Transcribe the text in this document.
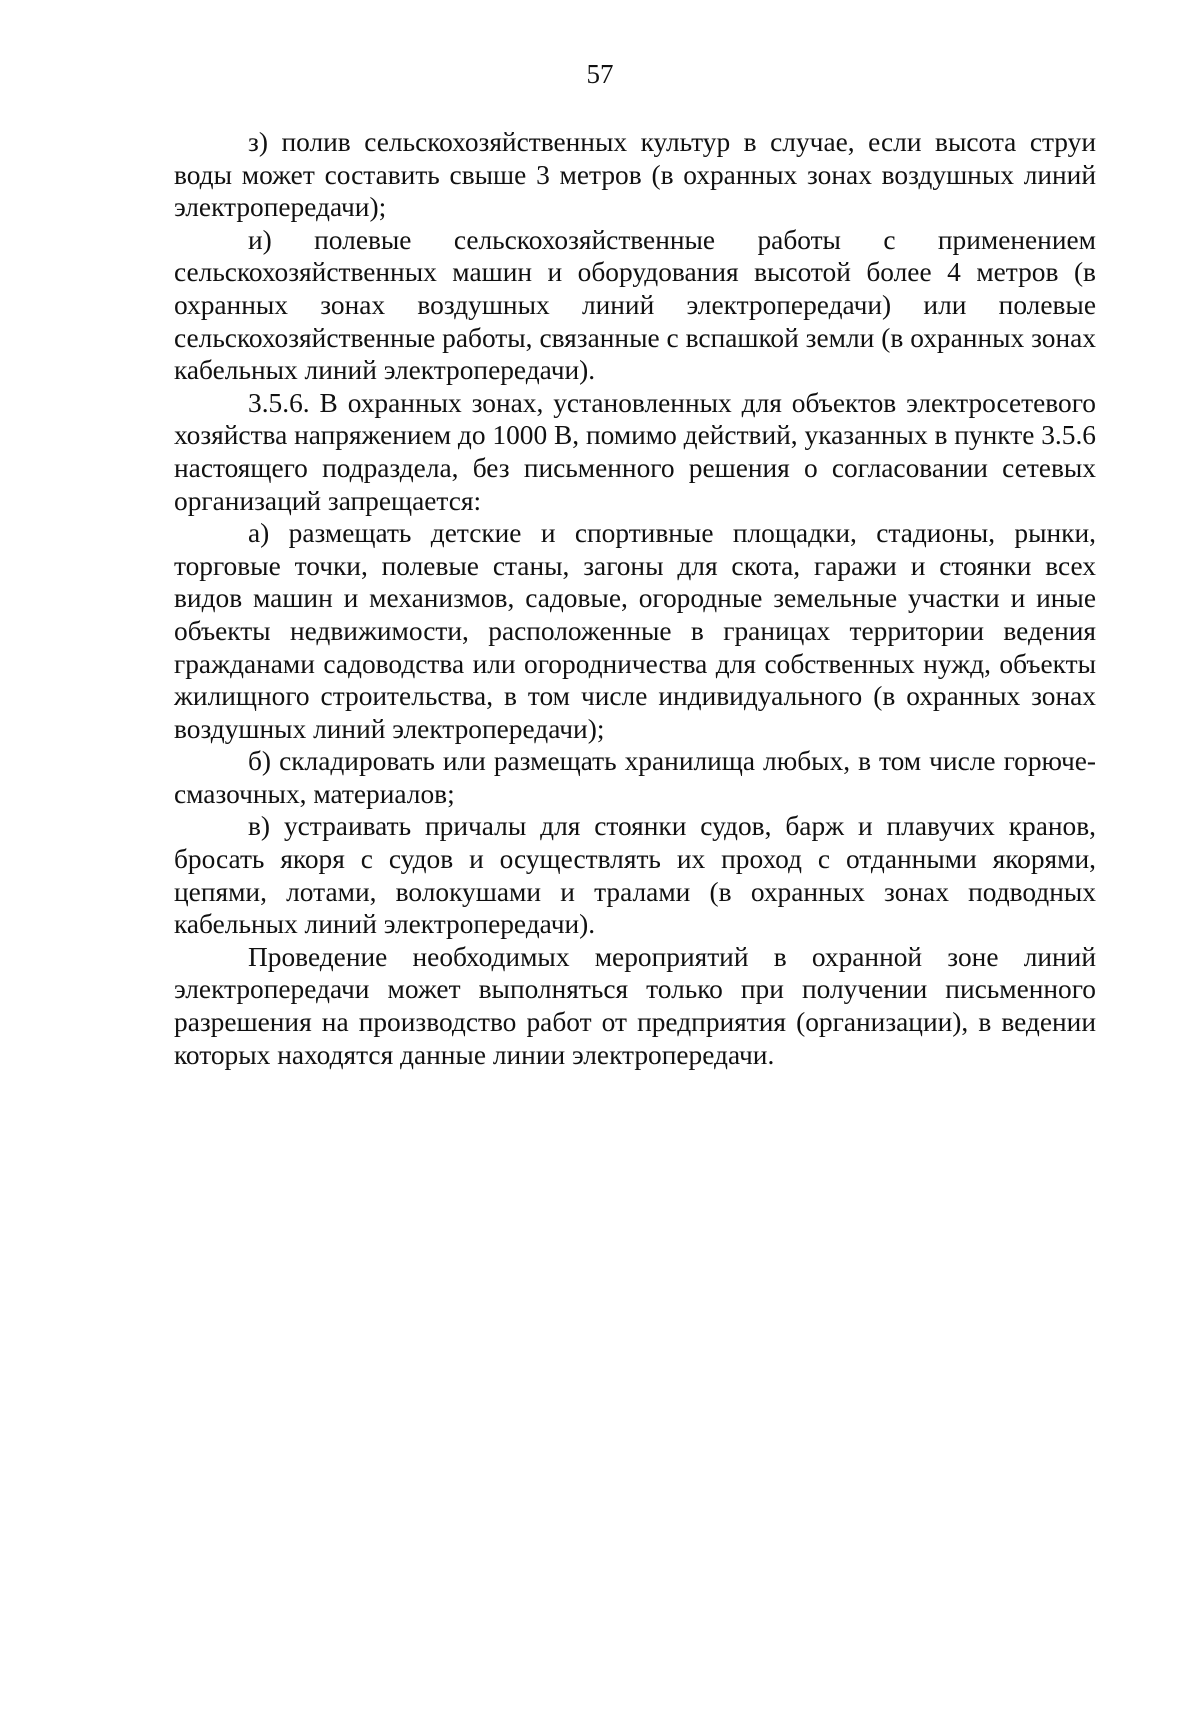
57

з) полив сельскохозяйственных культур в случае, если высота струи воды может составить свыше 3 метров (в охранных зонах воздушных линий электропередачи);

и) полевые сельскохозяйственные работы с применением сельскохозяйственных машин и оборудования высотой более 4 метров (в охранных зонах воздушных линий электропередачи) или полевые сельскохозяйственные работы, связанные с вспашкой земли (в охранных зонах кабельных линий электропередачи).

3.5.6. В охранных зонах, установленных для объектов электросетевого хозяйства напряжением до 1000 В, помимо действий, указанных в пункте 3.5.6 настоящего подраздела, без письменного решения о согласовании сетевых организаций запрещается:

а) размещать детские и спортивные площадки, стадионы, рынки, торговые точки, полевые станы, загоны для скота, гаражи и стоянки всех видов машин и механизмов, садовые, огородные земельные участки и иные объекты недвижимости, расположенные в границах территории ведения гражданами садоводства или огородничества для собственных нужд, объекты жилищного строительства, в том числе индивидуального (в охранных зонах воздушных линий электропередачи);

б) складировать или размещать хранилища любых, в том числе горюче-смазочных, материалов;

в) устраивать причалы для стоянки судов, барж и плавучих кранов, бросать якоря с судов и осуществлять их проход с отданными якорями, цепями, лотами, волокушами и тралами (в охранных зонах подводных кабельных линий электропередачи).

Проведение необходимых мероприятий в охранной зоне линий электропередачи может выполняться только при получении письменного разрешения на производство работ от предприятия (организации), в ведении которых находятся данные линии электропередачи.
